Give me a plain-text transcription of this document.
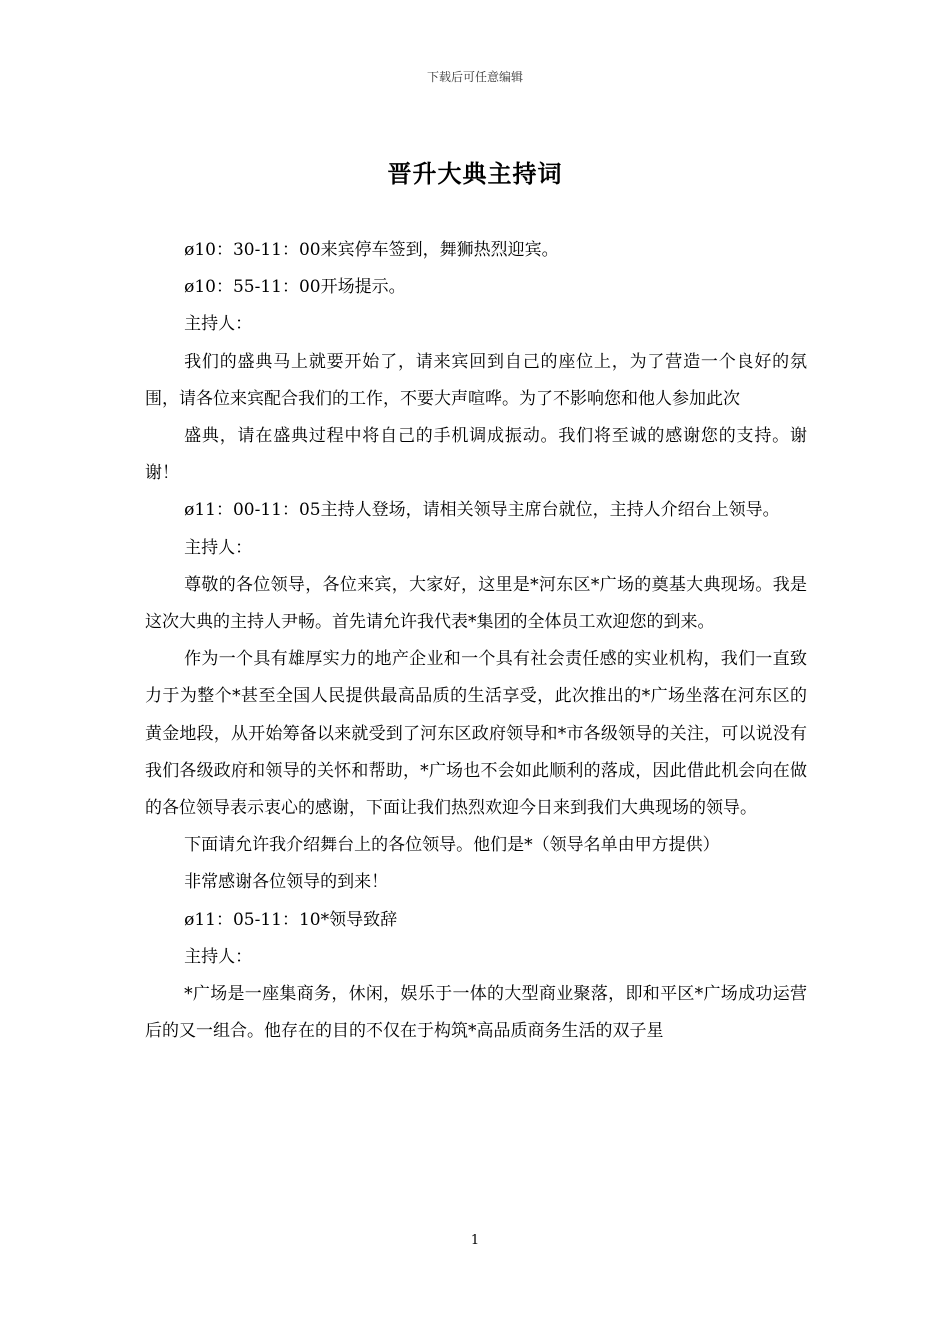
下载后可任意编辑
晋升大典主持词

ø10：30-11：00来宾停车签到，舞狮热烈迎宾。

ø10：55-11：00开场提示。

主持人：

我们的盛典马上就要开始了，请来宾回到自己的座位上，为了营造一个良好的氛围，请各位来宾配合我们的工作，不要大声喧哗。为了不影响您和他人参加此次

盛典，请在盛典过程中将自己的手机调成振动。我们将至诚的感谢您的支持。谢谢！

ø11：00-11：05主持人登场，请相关领导主席台就位，主持人介绍台上领导。

主持人：

尊敬的各位领导，各位来宾，大家好，这里是*河东区*广场的奠基大典现场。我是这次大典的主持人尹畅。首先请允许我代表*集团的全体员工欢迎您的到来。

作为一个具有雄厚实力的地产企业和一个具有社会责任感的实业机构，我们一直致力于为整个*甚至全国人民提供最高品质的生活享受，此次推出的*广场坐落在河东区的黄金地段，从开始筹备以来就受到了河东区政府领导和*市各级领导的关注，可以说没有我们各级政府和领导的关怀和帮助，*广场也不会如此顺利的落成，因此借此机会向在做的各位领导表示衷心的感谢，下面让我们热烈欢迎今日来到我们大典现场的领导。

下面请允许我介绍舞台上的各位领导。他们是*（领导名单由甲方提供）

非常感谢各位领导的到来！

ø11：05-11：10*领导致辞

主持人：

*广场是一座集商务，休闲，娱乐于一体的大型商业聚落，即和平区*广场成功运营后的又一组合。他存在的目的不仅在于构筑*高品质商务生活的双子星

1
